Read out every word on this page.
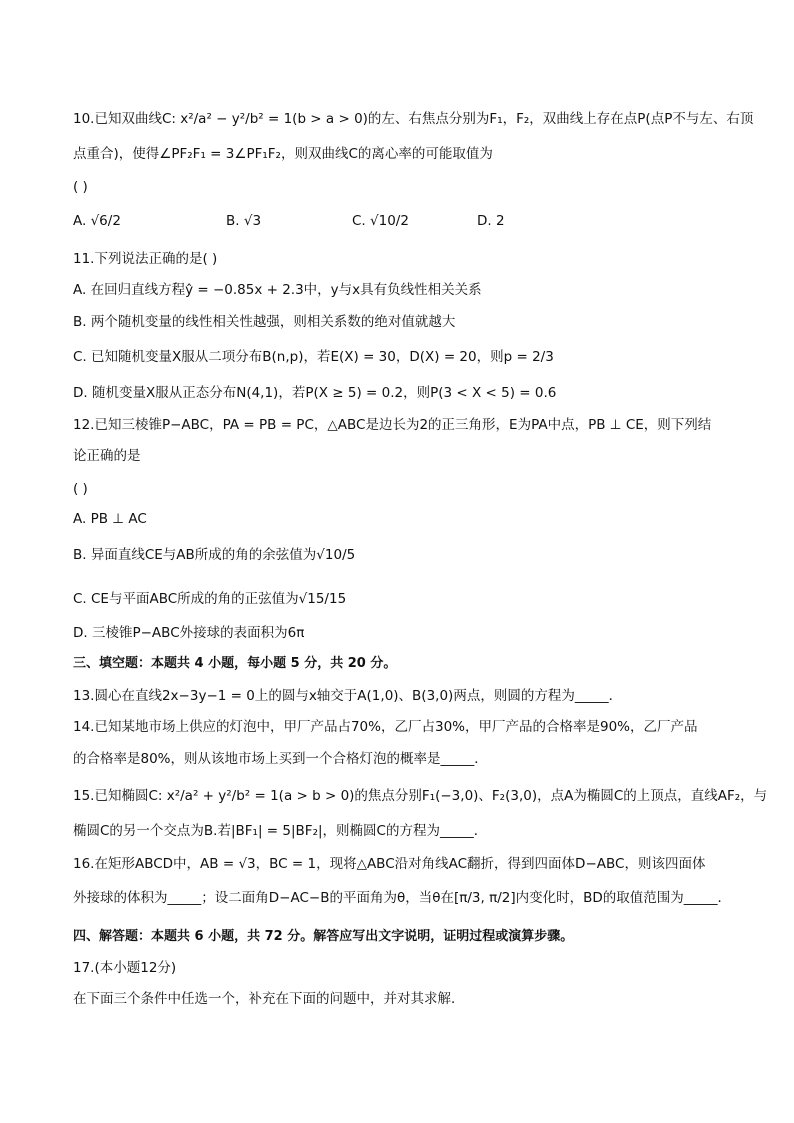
10.已知双曲线C: x²/a² − y²/b² = 1(b > a > 0)的左、右焦点分别为F₁，F₂，双曲线上存在点P(点P不与左、右顶
点重合)，使得∠PF₂F₁ = 3∠PF₁F₂，则双曲线C的离心率的可能取值为
( )
A. √6/2	B. √3	C. √10/2	D. 2
11.下列说法正确的是( )
A. 在回归直线方程ŷ = −0.85x + 2.3中，y与x具有负线性相关关系
B. 两个随机变量的线性相关性越强，则相关系数的绝对值就越大
C. 已知随机变量X服从二项分布B(n,p)，若E(X) = 30，D(X) = 20，则p = 2/3
D. 随机变量X服从正态分布N(4,1)，若P(X ≥ 5) = 0.2，则P(3 < X < 5) = 0.6
12.已知三棱锥P−ABC，PA = PB = PC，△ABC是边长为2的正三角形，E为PA中点，PB ⊥ CE，则下列结
论正确的是
( )
A. PB ⊥ AC
B. 异面直线CE与AB所成的角的余弦值为√10/5
C. CE与平面ABC所成的角的正弦值为√15/15
D. 三棱锥P−ABC外接球的表面积为6π
三、填空题：本题共 4 小题，每小题 5 分，共 20 分。
13.圆心在直线2x−3y−1 = 0上的圆与x轴交于A(1,0)、B(3,0)两点，则圆的方程为_____．
14.已知某地市场上供应的灯泡中，甲厂产品占70%，乙厂占30%，甲厂产品的合格率是90%，乙厂产品
的合格率是80%，则从该地市场上买到一个合格灯泡的概率是_____．
15.已知椭圆C: x²/a² + y²/b² = 1(a > b > 0)的焦点分别F₁(−3,0)、F₂(3,0)，点A为椭圆C的上顶点，直线AF₂，与
椭圆C的另一个交点为B.若|BF₁| = 5|BF₂|，则椭圆C的方程为_____．
16.在矩形ABCD中，AB = √3，BC = 1，现将△ABC沿对角线AC翻折，得到四面体D−ABC，则该四面体
外接球的体积为_____；设二面角D−AC−B的平面角为θ，当θ在[π/3, π/2]内变化时，BD的取值范围为_____．
四、解答题：本题共 6 小题，共 72 分。解答应写出文字说明，证明过程或演算步骤。
17.(本小题12分)
在下面三个条件中任选一个，补充在下面的问题中，并对其求解．
